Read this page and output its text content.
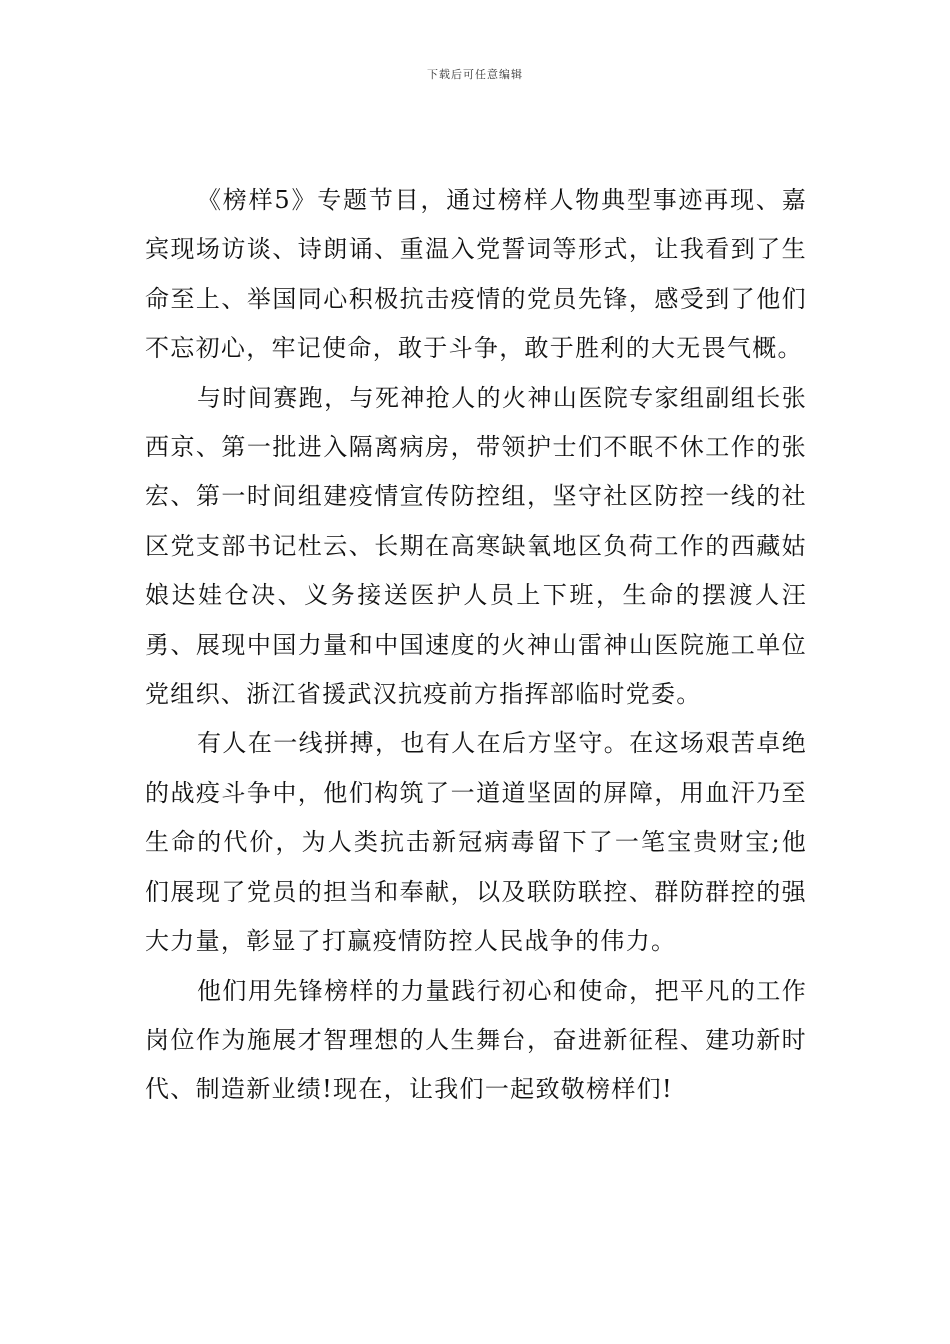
下载后可任意编辑

《榜样5》专题节目，通过榜样人物典型事迹再现、嘉宾现场访谈、诗朗诵、重温入党誓词等形式，让我看到了生命至上、举国同心积极抗击疫情的党员先锋，感受到了他们不忘初心，牢记使命，敢于斗争，敢于胜利的大无畏气概。

与时间赛跑，与死神抢人的火神山医院专家组副组长张西京、第一批进入隔离病房，带领护士们不眠不休工作的张宏、第一时间组建疫情宣传防控组，坚守社区防控一线的社区党支部书记杜云、长期在高寒缺氧地区负荷工作的西藏姑娘达娃仓决、义务接送医护人员上下班，生命的摆渡人汪勇、展现中国力量和中国速度的火神山雷神山医院施工单位党组织、浙江省援武汉抗疫前方指挥部临时党委。

有人在一线拼搏，也有人在后方坚守。在这场艰苦卓绝的战疫斗争中，他们构筑了一道道坚固的屏障，用血汗乃至生命的代价，为人类抗击新冠病毒留下了一笔宝贵财宝;他们展现了党员的担当和奉献，以及联防联控、群防群控的强大力量，彰显了打赢疫情防控人民战争的伟力。

他们用先锋榜样的力量践行初心和使命，把平凡的工作岗位作为施展才智理想的人生舞台，奋进新征程、建功新时代、制造新业绩!现在，让我们一起致敬榜样们!
